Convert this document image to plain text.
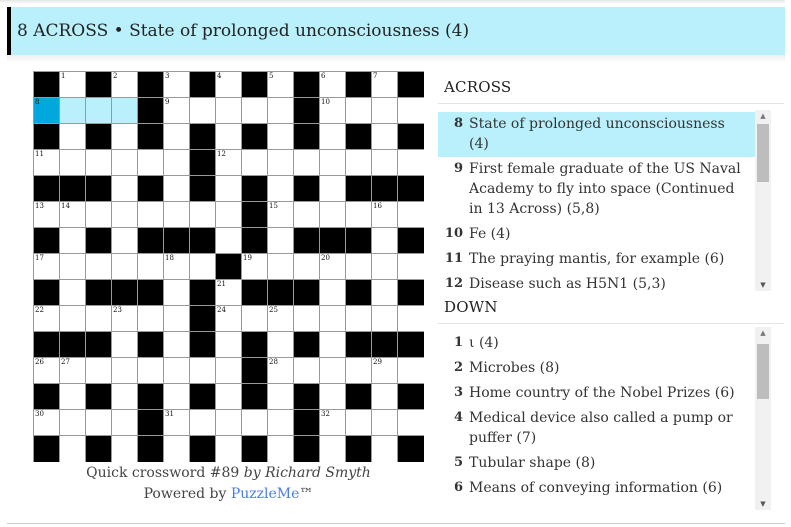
8 ACROSS • State of prolonged unconsciousness (4)
1	2	3	4	5	6	7
8	9	10
11	12
13 14	15	16
17	18	19	20
21
22	23	24	25
26 27	28	29
30	31	32
Quick crossword #89 by Richard Smyth
Powered by PuzzleMe™
ACROSS
8 State of prolonged unconsciousness (4)
9 First female graduate of the US Naval Academy to fly into space (Continued in 13 Across) (5,8)
10 Fe (4)
11 The praying mantis, for example (6)
12 Disease such as H5N1 (5,3)
▲
▼
DOWN
1 ι (4)
2 Microbes (8)
3 Home country of the Nobel Prizes (6)
4 Medical device also called a pump or puffer (7)
5 Tubular shape (8)
6 Means of conveying information (6)
▲
▼
